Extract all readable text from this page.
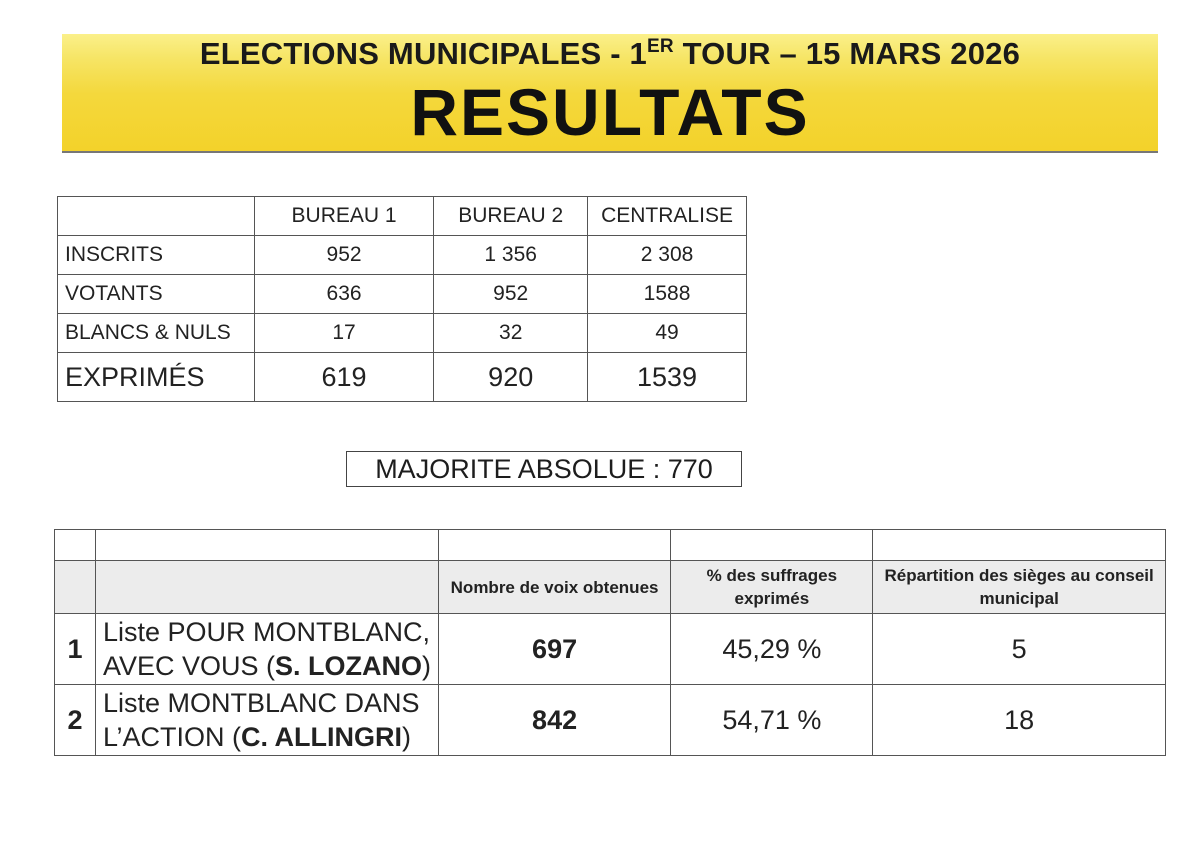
ELECTIONS MUNICIPALES - 1ER TOUR – 15 MARS 2026
RESULTATS
	BUREAU 1	BUREAU 2	CENTRALISE
INSCRITS	952	1 356	2 308
VOTANTS	636	952	1588
BLANCS & NULS	17	32	49
EXPRIMÉS	619	920	1539
MAJORITE ABSOLUE : 770

		Nombre de voix obtenues	% des suffrages exprimés	Répartition des sièges au conseil municipal
1	Liste POUR MONTBLANC,
AVEC VOUS (S. LOZANO)	697	45,29 %	5
2	Liste MONTBLANC DANS
L’ACTION (C. ALLINGRI)	842	54,71 %	18
